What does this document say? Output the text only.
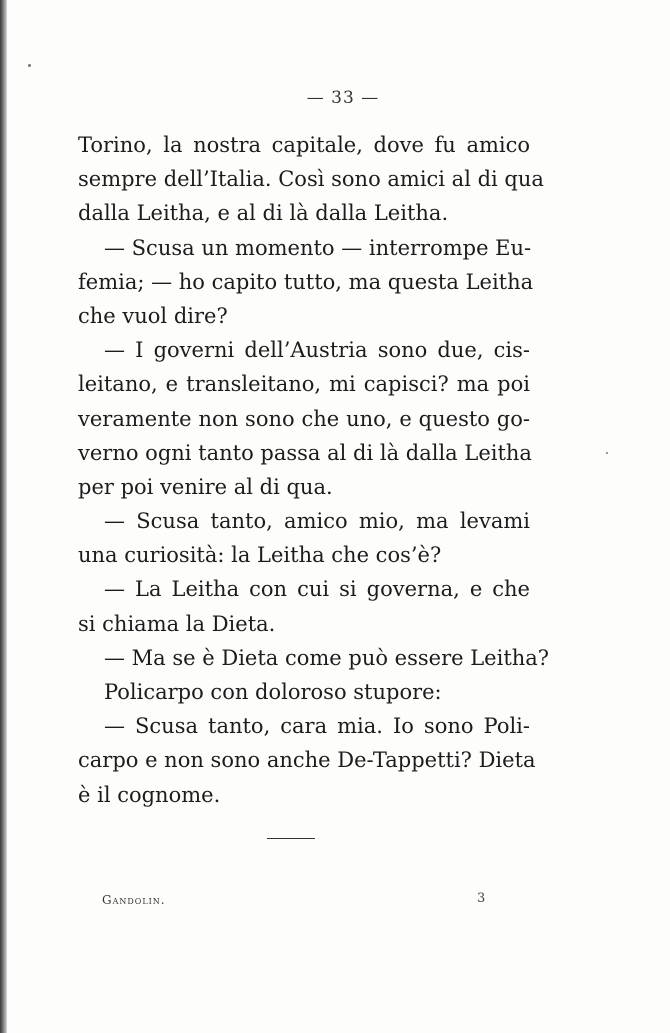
— 33 —
Torino, la nostra capitale, dove fu amico
sempre dell’Italia. Così sono amici al di qua
dalla Leitha, e al di là dalla Leitha.
— Scusa un momento — interrompe Eu-
femia; — ho capito tutto, ma questa Leitha
che vuol dire?
— I governi dell’Austria sono due, cis-
leitano, e transleitano, mi capisci? ma poi
veramente non sono che uno, e questo go-
verno ogni tanto passa al di là dalla Leitha
per poi venire al di qua.
— Scusa tanto, amico mio, ma levami
una curiosità: la Leitha che cos’è?
— La Leitha con cui si governa, e che
si chiama la Dieta.
— Ma se è Dieta come può essere Leitha?
Policarpo con doloroso stupore:
— Scusa tanto, cara mia. Io sono Poli-
carpo e non sono anche De-Tappetti? Dieta
è il cognome.
Gandolin.	3
